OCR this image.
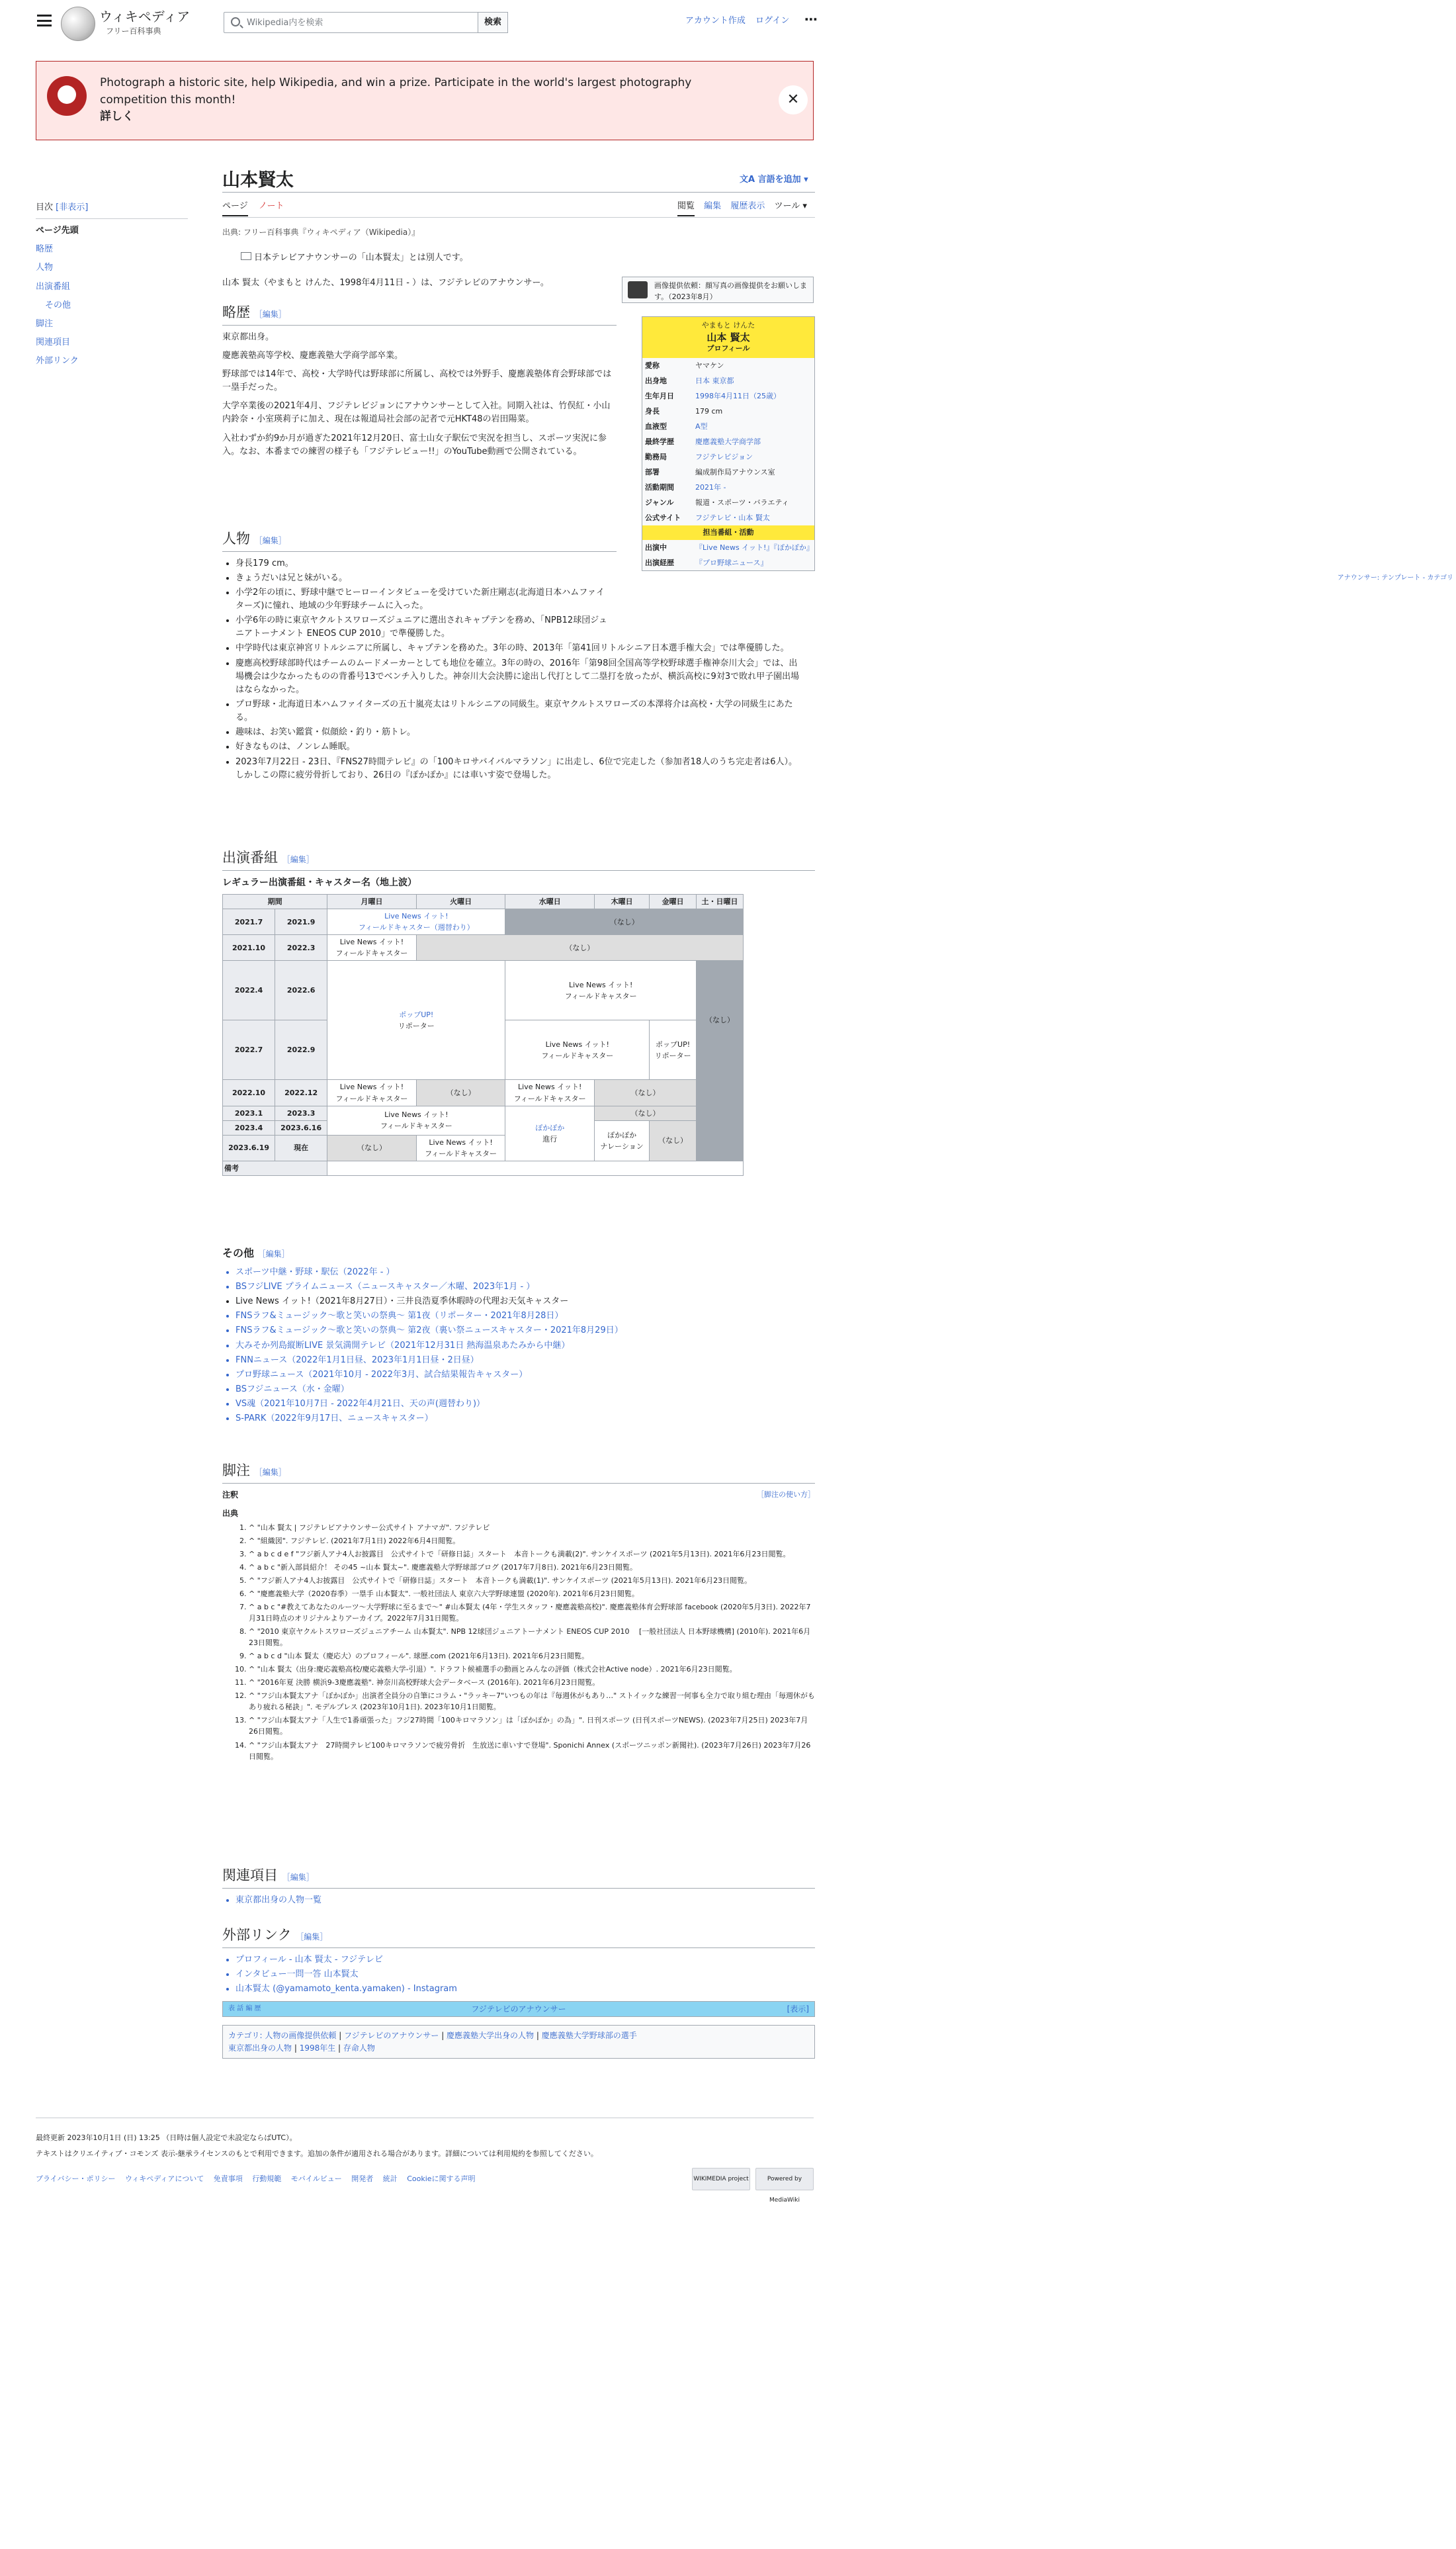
ウィキペディア
フリー百科事典
Wikipedia内を検索	検索	アカウント作成 ログイン ⋯
Photograph a historic site, help Wikipedia, and win a prize. Participate in the world's largest photography competition this month!
詳しく
✕
目次 [非表示]
ページ先頭
略歴
人物
出演番組
その他
脚注
関連項目
外部リンク
山本賢太	文A 言語を追加 ▾
ページ ノート	閲覧 編集 履歴表示 ツール ▾
出典: フリー百科事典『ウィキペディア（Wikipedia）』
日本テレビアナウンサーの「山本賢太」とは別人です。
画像提供依頼：顔写真の画像提供をお願いします。（2023年8月）
やまもと けんた
山本 賢太
プロフィール
愛称	ヤマケン
出身地	日本 東京都
生年月日	1998年4月11日（25歳）
身長	179 cm
血液型	A型
最終学歴	慶應義塾大学商学部
勤務局	フジテレビジョン
部署	編成制作局アナウンス室
活動期間	2021年 -
ジャンル	報道・スポーツ・バラエティ
公式サイト	フジテレビ・山本 賢太
担当番組・活動
出演中	『Live News イット!』『ぽかぽか』
出演経歴	『プロ野球ニュース』
アナウンサー: テンプレート - カテゴリ

山本 賢太（やまもと けんた、1998年4月11日 - ）は、フジテレビのアナウンサー。

略歴 ［編集］

東京都出身。

慶應義塾高等学校、慶應義塾大学商学部卒業。

野球部では14年で、高校・大学時代は野球部に所属し、高校では外野手、慶應義塾体育会野球部では一塁手だった。

大学卒業後の2021年4月、フジテレビジョンにアナウンサーとして入社。同期入社は、竹俣紅・小山内鈴奈・小室瑛莉子に加え、現在は報道局社会部の記者で元HKT48の岩田陽菜。

入社わずか約9か月が過ぎた2021年12月20日、富士山女子駅伝で実況を担当し、スポーツ実況に参入。なお、本番までの練習の様子も「フジテレビュー!!」のYouTube動画で公開されている。

人物 ［編集］
• 身長179 cm。
• きょうだいは兄と妹がいる。
• 小学2年の頃に、野球中継でヒーローインタビューを受けていた新庄剛志(北海道日本ハムファイターズ)に憧れ、地域の少年野球チームに入った。
• 小学6年の時に東京ヤクルトスワローズジュニアに選出されキャプテンを務め、「NPB12球団ジュニアトーナメント ENEOS CUP 2010」で準優勝した。
• 中学時代は東京神宮リトルシニアに所属し、キャプテンを務めた。3年の時、2013年「第41回リトルシニア日本選手権大会」では準優勝した。
• 慶應高校野球部時代はチームのムードメーカーとしても地位を確立。3年の時の、2016年「第98回全国高等学校野球選手権神奈川大会」では、出場機会は少なかったものの背番号13でベンチ入りした。神奈川大会決勝に途出し代打として二塁打を放ったが、横浜高校に9対3で敗れ甲子園出場はならなかった。
• プロ野球・北海道日本ハムファイターズの五十嵐亮太はリトルシニアの同級生。東京ヤクルトスワローズの本澤将介は高校・大学の同級生にあたる。
• 趣味は、お笑い鑑賞・似顔絵・釣り・筋トレ。
• 好きなものは、ノンレム睡眠。
• 2023年7月22日 - 23日、『FNS27時間テレビ』の「100キロサバイバルマラソン」に出走し、6位で完走した（参加者18人のうち完走者は6人）。しかしこの際に疲労骨折しており、26日の『ぽかぽか』には車いす姿で登場した。
出演番組 ［編集］
レギュラー出演番組・キャスター名（地上波）
期間		月曜日	火曜日	水曜日	木曜日	金曜日	土・日曜日
2021.7	2021.9	Live News イット!
フィールドキャスター（週替わり）		（なし）			
2021.10	2022.3	Live News イット!
フィールドキャスター	（なし）				
2022.4	2022.6	ポップUP!
リポーター		Live News イット!
フィールドキャスター			（なし）
2022.7	2022.9			Live News イット!
フィールドキャスター		ポップUP!
リポーター	
2022.10	2022.12	Live News イット!
フィールドキャスター	（なし）	Live News イット!
フィールドキャスター	（なし）		
2023.1	2023.3	Live News イット!
フィールドキャスター		ぽかぽか
進行	（なし）		
2023.4	2023.6.16				ぽかぽか
ナレーション	（なし）	
2023.6.19	現在	（なし）	Live News イット!
フィールドキャスター				
備考							
その他 ［編集］
• スポーツ中継・野球・駅伝（2022年 - ）
• BSフジLIVE プライムニュース（ニュースキャスター／木曜、2023年1月 - ）
• Live News イット!（2021年8月27日）・三井良浩夏季休暇時の代理お天気キャスター
• FNSラフ&ミュージック〜歌と笑いの祭典〜 第1夜（リポーター・2021年8月28日）
• FNSラフ&ミュージック〜歌と笑いの祭典〜 第2夜（裏い祭ニュースキャスター・2021年8月29日）
• 大みそか列島縦断LIVE 景気満開テレビ（2021年12月31日 熱海温泉あたみから中継）
• FNNニュース（2022年1月1日昼、2023年1月1日昼・2日昼）
• プロ野球ニュース（2021年10月 - 2022年3月、試合結果報告キャスター）
• BSフジニュース（水・金曜）
• VS魂（2021年10月7日 - 2022年4月21日、天の声(週替わり)）
• S-PARK（2022年9月17日、ニュースキャスター）
脚注 ［編集］
注釈	［脚注の使い方］
出典
1. ^ "山本 賢太 | フジテレビアナウンサー公式サイト アナマガ". フジテレビ
2. ^ "組織図". フジテレビ. (2021年7月1日) 2022年6月4日閲覧。
3. ^ a b c d e f "フジ新人アナ4人お披露目　公式サイトで「研修日誌」スタート　本音トークも満載(2)". サンケイスポーツ (2021年5月13日). 2021年6月23日閲覧。
4. ^ a b c "新入部員紹介！ その45 ~山本 賢太~". 慶應義塾大学野球部ブログ (2017年7月8日). 2021年6月23日閲覧。
5. ^ "フジ新人アナ4人お披露目　公式サイトで「研修日誌」スタート　本音トークも満載(1)". サンケイスポーツ (2021年5月13日). 2021年6月23日閲覧。
6. ^ "慶應義塾大学（2020春季）一塁手 山本賢太". 一般社団法人 東京六大学野球連盟 (2020年). 2021年6月23日閲覧。
7. ^ a b c "#教えてあなたのルーツ～大学野球に至るまで～" #山本賢太 (4年・学生スタッフ・慶應義塾高校)". 慶應義塾体育会野球部 facebook (2020年5月3日). 2022年7月31日時点のオリジナルよりアーカイブ。2022年7月31日閲覧。
8. ^ "2010 東京ヤクルトスワローズジュニアチーム 山本賢太". NPB 12球団ジュニアトーナメント ENEOS CUP 2010 　[一般社団法人 日本野球機構] (2010年). 2021年6月23日閲覧。
9. ^ a b c d "山本 賢太（慶応大）のプロフィール". 球歴.com (2021年6月13日). 2021年6月23日閲覧。
10. ^ "山本 賢太（出身:慶応義塾高校/慶応義塾大学-引退）". ドラフト候補選手の動画とみんなの評価（株式会社Active node）. 2021年6月23日閲覧。
11. ^ "2016年夏 決勝 横浜9-3慶應義塾". 神奈川高校野球大会データベース (2016年). 2021年6月23日閲覧。
12. ^ "フジ山本賢太アナ「ぽかぽか」出演者全員分の自筆にコラム・"ラッキー7"いつもの年は『毎週休がもあり…" ストイックな練習一何事も全力で取り組む理由「毎週休がもあり疲れる秘訣」". モデルプレス (2023年10月1日). 2023年10月1日閲覧。
13. ^ "フジ山本賢太アナ「人生で1番頑張った」フジ27時間「100キロマラソン」は「ぽかぽか」の為」". 日刊スポーツ (日刊スポーツNEWS). (2023年7月25日) 2023年7月26日閲覧。
14. ^ "フジ山本賢太アナ　27時間テレビ100キロマラソンで疲労骨折　生放送に車いすで登場". Sponichi Annex (スポーツニッポン新聞社). (2023年7月26日) 2023年7月26日閲覧。
関連項目 ［編集］
• 東京都出身の人物一覧
外部リンク ［編集］
• プロフィール - 山本 賢太 - フジテレビ
• インタビュー一問一答 山本賢太
• 山本賢太 (@yamamoto_kenta.yamaken) - Instagram
表 話 編 歴	フジテレビのアナウンサー	[表示]
カテゴリ: 人物の画像提供依頼 | フジテレビのアナウンサー | 慶應義塾大学出身の人物 | 慶應義塾大学野球部の選手
東京都出身の人物 | 1998年生 | 存命人物
最終更新 2023年10月1日 (日) 13:25 （日時は個人設定で未設定ならばUTC）。
テキストはクリエイティブ・コモンズ 表示-継承ライセンスのもとで利用できます。追加の条件が適用される場合があります。詳細については利用規約を参照してください。
プライバシー・ポリシー　 ウィキペディアについて　 免責事項　 行動規範　 モバイルビュー　 開発者　 統計　 Cookieに関する声明	WIKIMEDIA project	Powered by MediaWiki
